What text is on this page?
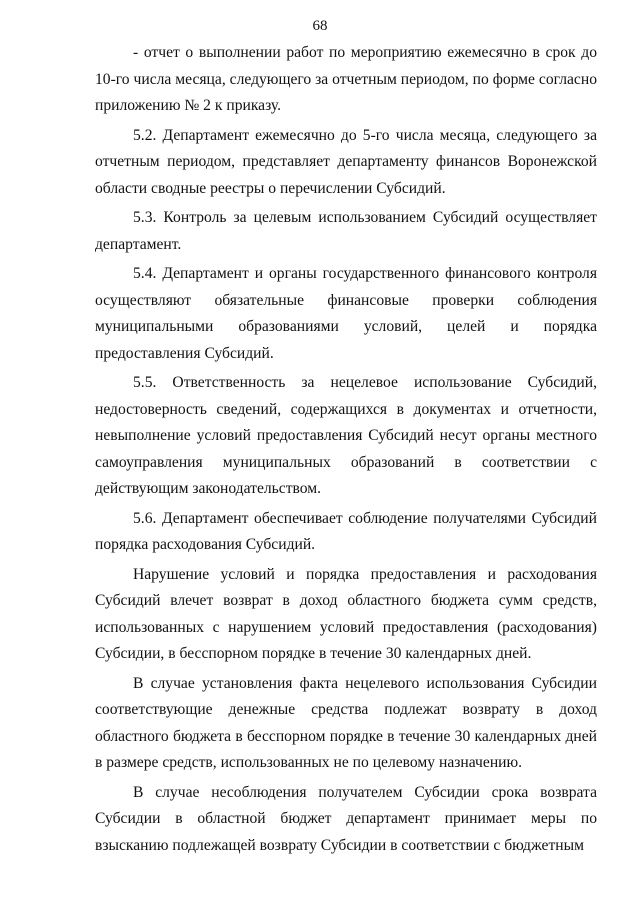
68

- отчет о выполнении работ по мероприятию ежемесячно в срок до 10-го числа месяца, следующего за отчетным периодом, по форме согласно приложению № 2 к приказу.

5.2. Департамент ежемесячно до 5-го числа месяца, следующего за отчетным периодом, представляет департаменту финансов Воронежской области сводные реестры о перечислении Субсидий.

5.3. Контроль за целевым использованием Субсидий осуществляет департамент.

5.4. Департамент и органы государственного финансового контроля осуществляют обязательные финансовые проверки соблюдения муниципальными образованиями условий, целей и порядка предоставления Субсидий.

5.5. Ответственность за нецелевое использование Субсидий, недостоверность сведений, содержащихся в документах и отчетности, невыполнение условий предоставления Субсидий несут органы местного самоуправления муниципальных образований в соответствии с действующим законодательством.

5.6. Департамент обеспечивает соблюдение получателями Субсидий порядка расходования Субсидий.

Нарушение условий и порядка предоставления и расходования Субсидий влечет возврат в доход областного бюджета сумм средств, использованных с нарушением условий предоставления (расходования) Субсидии, в бесспорном порядке в течение 30 календарных дней.

В случае установления факта нецелевого использования Субсидии соответствующие денежные средства подлежат возврату в доход областного бюджета в бесспорном порядке в течение 30 календарных дней в размере средств, использованных не по целевому назначению.

В случае несоблюдения получателем Субсидии срока возврата Субсидии в областной бюджет департамент принимает меры по взысканию подлежащей возврату Субсидии в соответствии с бюджетным
